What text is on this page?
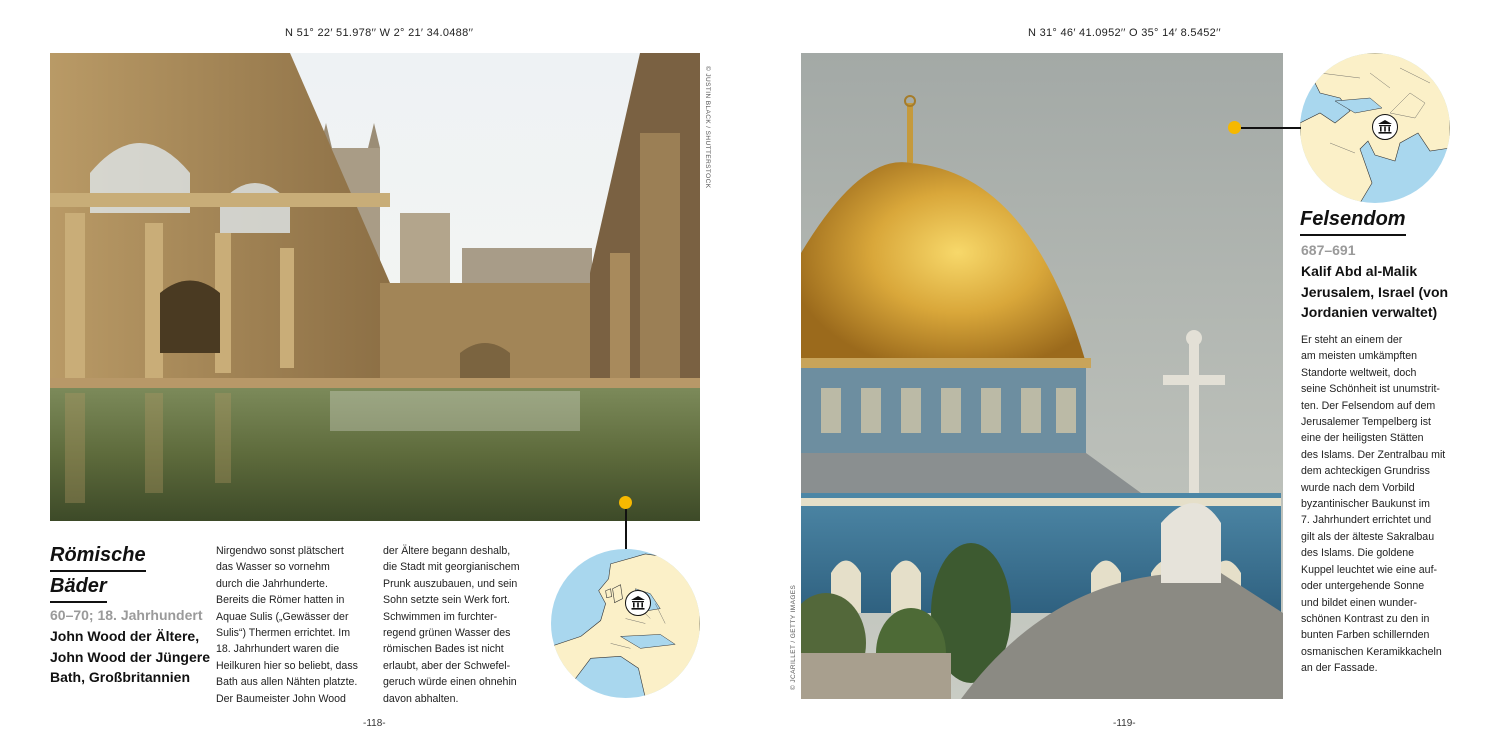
N 51° 22′ 51.978′′ W 2° 21′ 34.0488′′
© JUSTIN BLACK / SHUTTERSTOCK
Römische
Bäder
60–70; 18. Jahrhundert
John Wood der Ältere,
John Wood der Jüngere
Bath, Großbritannien
Nirgendwo sonst plätschert
das Wasser so vornehm
durch die Jahrhunderte.
Bereits die Römer hatten in
Aquae Sulis („Gewässer der
Sulis“) Thermen errichtet. Im
18. Jahrhundert waren die
Heilkuren hier so beliebt, dass
Bath aus allen Nähten platzte.
Der Baumeister John Wood
der Ältere begann deshalb,
die Stadt mit georgianischem
Prunk auszubauen, und sein
Sohn setzte sein Werk fort.
Schwimmen im furchter-
regend grünen Wasser des
römischen Bades ist nicht
erlaubt, aber der Schwefel-
geruch würde einen ohnehin
davon abhalten.
-118-
N 31° 46′ 41.0952′′ O 35° 14′ 8.5452′′
© JCARILLET / GETTY IMAGES
Felsendom
687–691
Kalif Abd al-Malik
Jerusalem, Israel (von
Jordanien verwaltet)
Er steht an einem der
am meisten umkämpften
Standorte weltweit, doch
seine Schönheit ist unumstrit-
ten. Der Felsendom auf dem
Jerusalemer Tempelberg ist
eine der heiligsten Stätten
des Islams. Der Zentralbau mit
dem achteckigen Grundriss
wurde nach dem Vorbild
byzantinischer Baukunst im
7. Jahrhundert errichtet und
gilt als der älteste Sakralbau
des Islams. Die goldene
Kuppel leuchtet wie eine auf-
oder untergehende Sonne
und bildet einen wunder-
schönen Kontrast zu den in
bunten Farben schillernden
osmanischen Keramikkacheln
an der Fassade.
-119-
